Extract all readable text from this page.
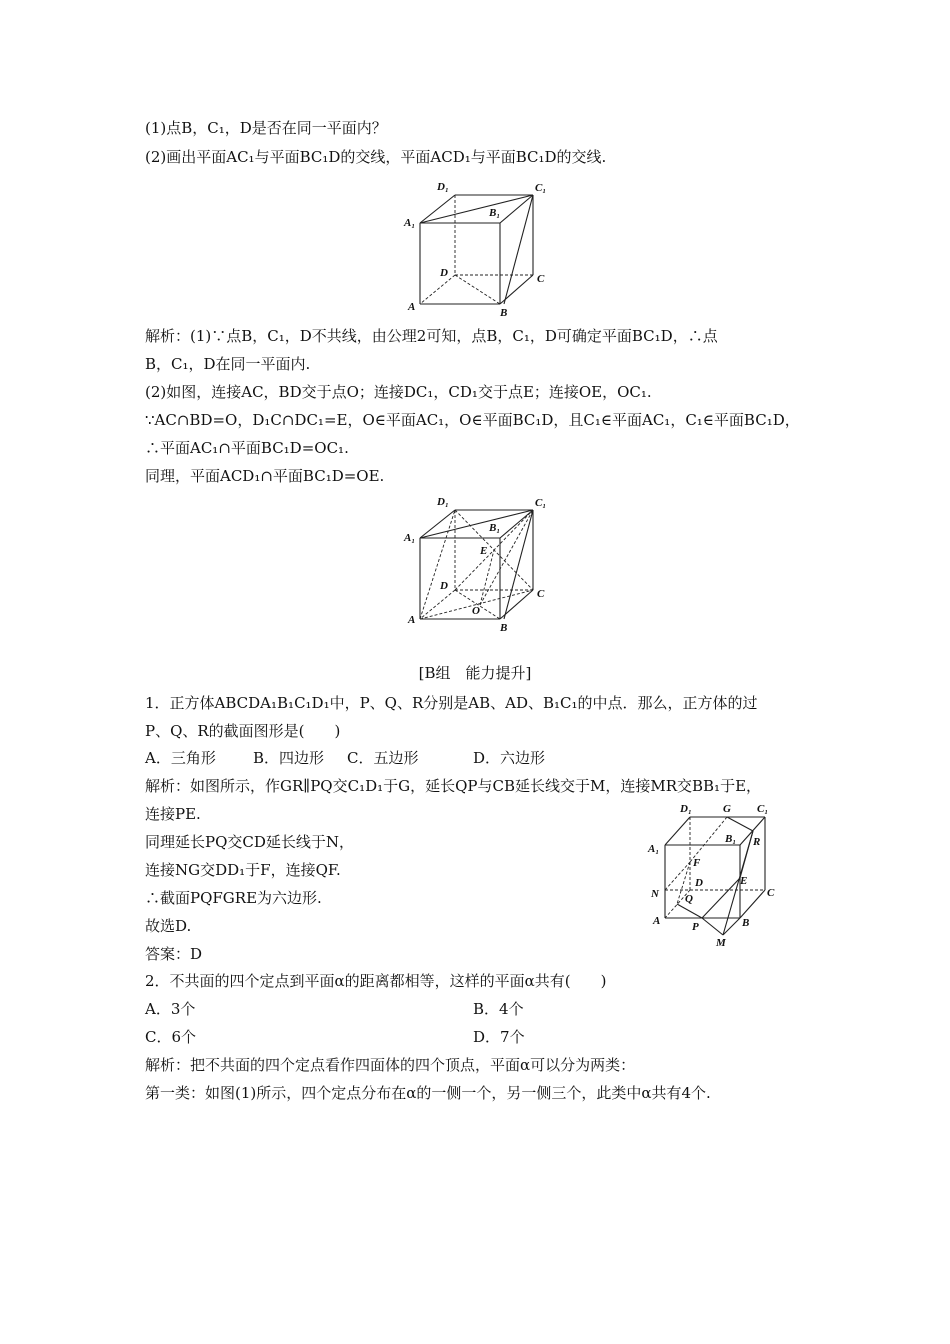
(1)点B，C₁，D是否在同一平面内？
(2)画出平面AC₁与平面BC₁D的交线，平面ACD₁与平面BC₁D的交线.
D₁	C₁
B₁
A₁
D	C
A	B
解析：(1)∵点B，C₁，D不共线，由公理2可知，点B，C₁，D可确定平面BC₁D，∴点
B，C₁，D在同一平面内.
(2)如图，连接AC，BD交于点O；连接DC₁，CD₁交于点E；连接OE，OC₁.
∵AC∩BD=O，D₁C∩DC₁=E，O∈平面AC₁，O∈平面BC₁D，且C₁∈平面AC₁，C₁∈平面BC₁D，
∴平面AC₁∩平面BC₁D=OC₁.
同理，平面ACD₁∩平面BC₁D=OE.
D₁	C₁
B₁
A₁
E
D
C
O
A
B
[B组　能力提升]
1．正方体ABCDA₁B₁C₁D₁中，P、Q、R分别是AB、AD、B₁C₁的中点．那么，正方体的过
P、Q、R的截面图形是(　　)
A．三角形 B．四边形 C．五边形	D．六边形
解析：如图所示，作GR∥PQ交C₁D₁于G，延长QP与CB延长线交于M，连接MR交BB₁于E，
连接PE.
同理延长PQ交CD延长线于N，
连接NG交DD₁于F，连接QF.
∴截面PQFGRE为六边形.
故选D.
答案：D
D₁	G C₁
B₁ R
A₁
F
D	E
N Q	C
A	P	B
M
2．不共面的四个定点到平面α的距离都相等，这样的平面α共有(　　)
A．3个	B．4个
C．6个	D．7个
解析：把不共面的四个定点看作四面体的四个顶点，平面α可以分为两类：
第一类：如图(1)所示，四个定点分布在α的一侧一个，另一侧三个，此类中α共有4个.
